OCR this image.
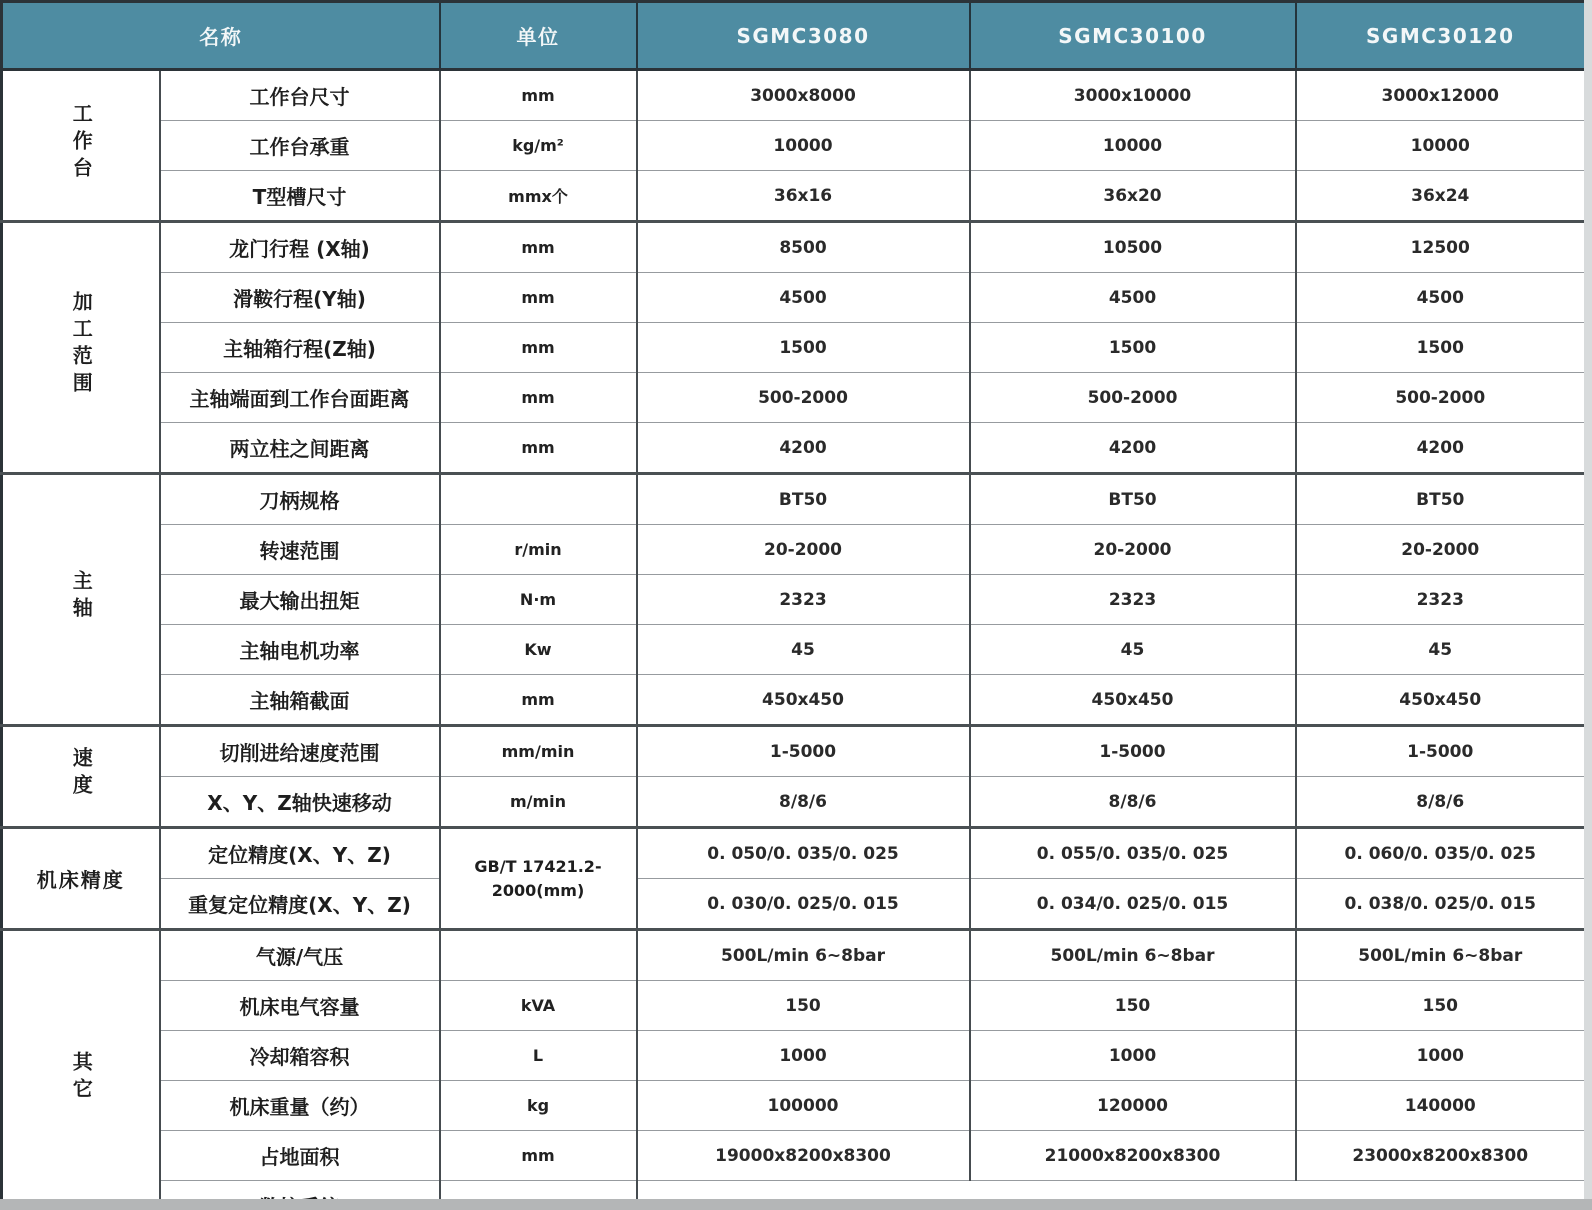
名称		单位	SGMC3080	SGMC30100	SGMC30120
工作台	工作台尺寸	mm	3000x8000	3000x10000	3000x12000
	工作台承重	kg/m²	10000	10000	10000
	T型槽尺寸	mmx个	36x16	36x20	36x24
加工范围	龙门行程 (X轴)	mm	8500	10500	12500
	滑鞍行程(Y轴)	mm	4500	4500	4500
	主轴箱行程(Z轴)	mm	1500	1500	1500
	主轴端面到工作台面距离	mm	500-2000	500-2000	500-2000
	两立柱之间距离	mm	4200	4200	4200
主轴	刀柄规格		BT50	BT50	BT50
	转速范围	r/min	20-2000	20-2000	20-2000
	最大输出扭矩	N·m	2323	2323	2323
	主轴电机功率	Kw	45	45	45
	主轴箱截面	mm	450x450	450x450	450x450
速度	切削进给速度范围	mm/min	1-5000	1-5000	1-5000
	X、Y、Z轴快速移动	m/min	8/8/6	8/8/6	8/8/6
机床精度	定位精度(X、Y、Z)	GB/T 17421.2-2000(mm)	0. 050/0. 035/0. 025	0. 055/0. 035/0. 025	0. 060/0. 035/0. 025
	重复定位精度(X、Y、Z)		0. 030/0. 025/0. 015	0. 034/0. 025/0. 015	0. 038/0. 025/0. 015
其它	气源/气压		500L/min 6~8bar	500L/min 6~8bar	500L/min 6~8bar
	机床电气容量	kVA	150	150	150
	冷却箱容积	L	1000	1000	1000
	机床重量（约）	kg	100000	120000	140000
	占地面积	mm	19000x8200x8300	21000x8200x8300	23000x8200x8300
